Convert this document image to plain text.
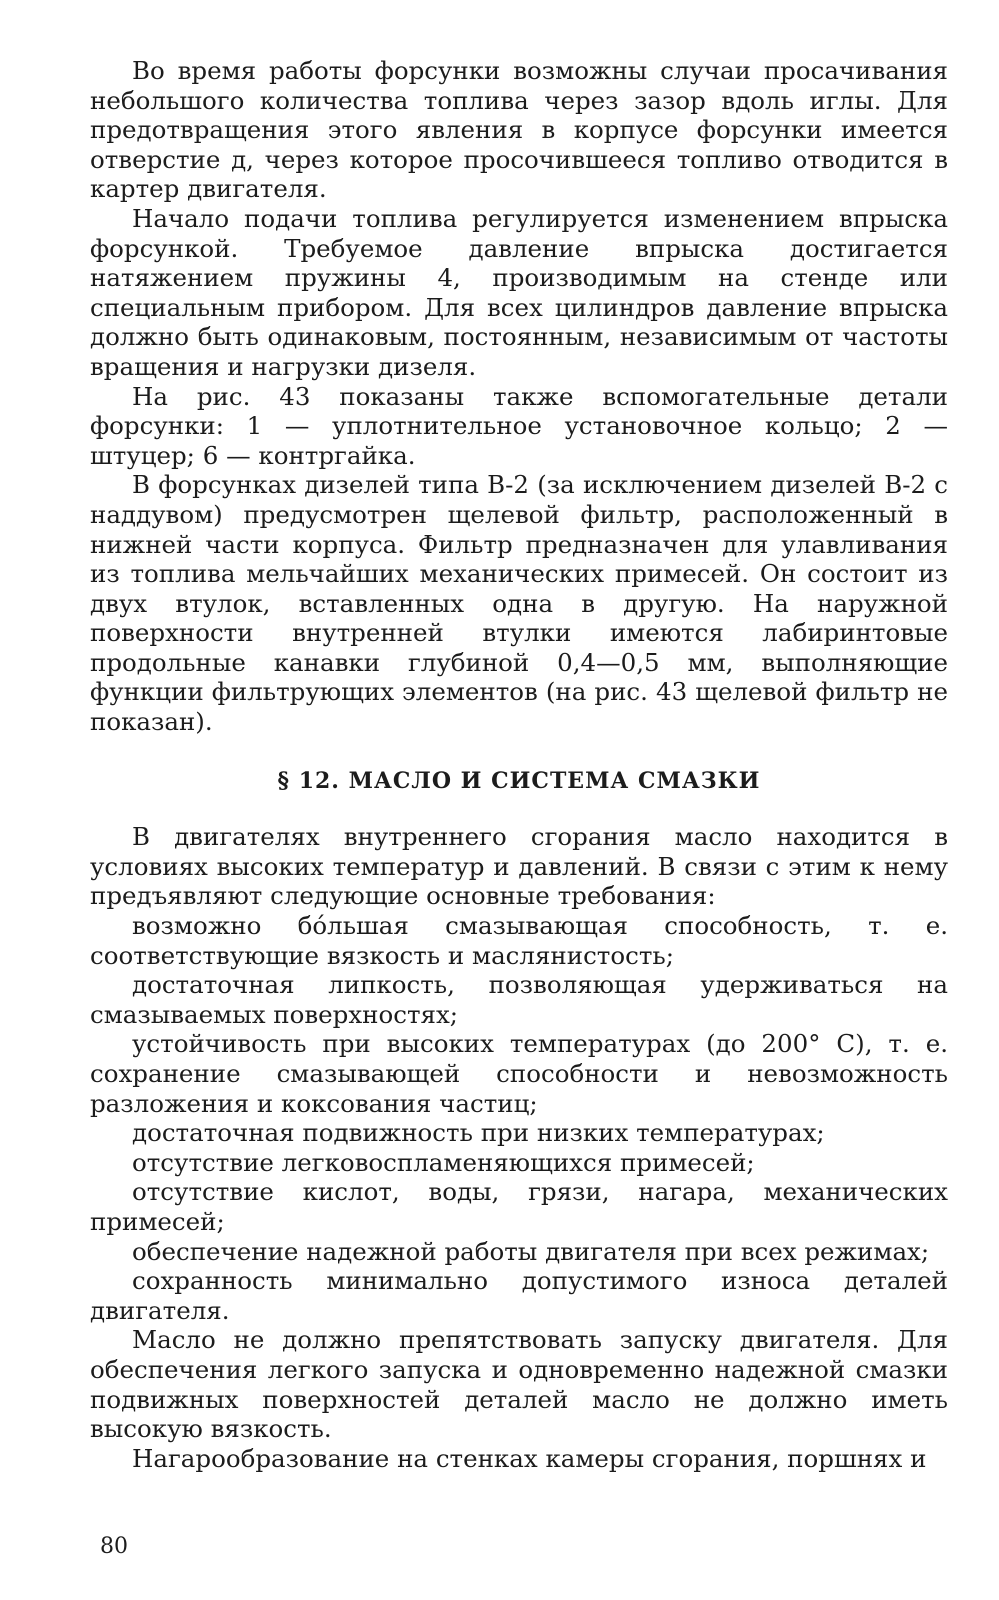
Во время работы форсунки возможны случаи просачивания небольшого количества топлива через зазор вдоль иглы. Для предотвращения этого явления в корпусе форсунки имеется отверстие д, через которое просочившееся топливо отводится в картер двигателя.

Начало подачи топлива регулируется изменением впрыска форсункой. Требуемое давление впрыска достигается натяжением пружины 4, производимым на стенде или специальным прибором. Для всех цилиндров давление впрыска должно быть одинаковым, постоянным, независимым от частоты вращения и нагрузки дизеля.

На рис. 43 показаны также вспомогательные детали форсунки: 1 — уплотнительное установочное кольцо; 2 — штуцер; 6 — контргайка.

В форсунках дизелей типа В-2 (за исключением дизелей В-2 с наддувом) предусмотрен щелевой фильтр, расположенный в нижней части корпуса. Фильтр предназначен для улавливания из топлива мельчайших механических примесей. Он состоит из двух втулок, вставленных одна в другую. На наружной поверхности внутренней втулки имеются лабиринтовые продольные канавки глубиной 0,4—0,5 мм, выполняющие функции фильтрующих элементов (на рис. 43 щелевой фильтр не показан).

§ 12. МАСЛО И СИСТЕМА СМАЗКИ

В двигателях внутреннего сгорания масло находится в условиях высоких температур и давлений. В связи с этим к нему предъявляют следующие основные требования:

возможно бо́льшая смазывающая способность, т. е. соответствующие вязкость и маслянистость;

достаточная липкость, позволяющая удерживаться на смазываемых поверхностях;

устойчивость при высоких температурах (до 200° С), т. е. сохранение смазывающей способности и невозможность разложения и коксования частиц;

достаточная подвижность при низких температурах;

отсутствие легковоспламеняющихся примесей;

отсутствие кислот, воды, грязи, нагара, механических примесей;

обеспечение надежной работы двигателя при всех режимах;

сохранность минимально допустимого износа деталей двигателя.

Масло не должно препятствовать запуску двигателя. Для обеспечения легкого запуска и одновременно надежной смазки подвижных поверхностей деталей масло не должно иметь высокую вязкость.

Нагарообразование на стенках камеры сгорания, поршнях и

80
